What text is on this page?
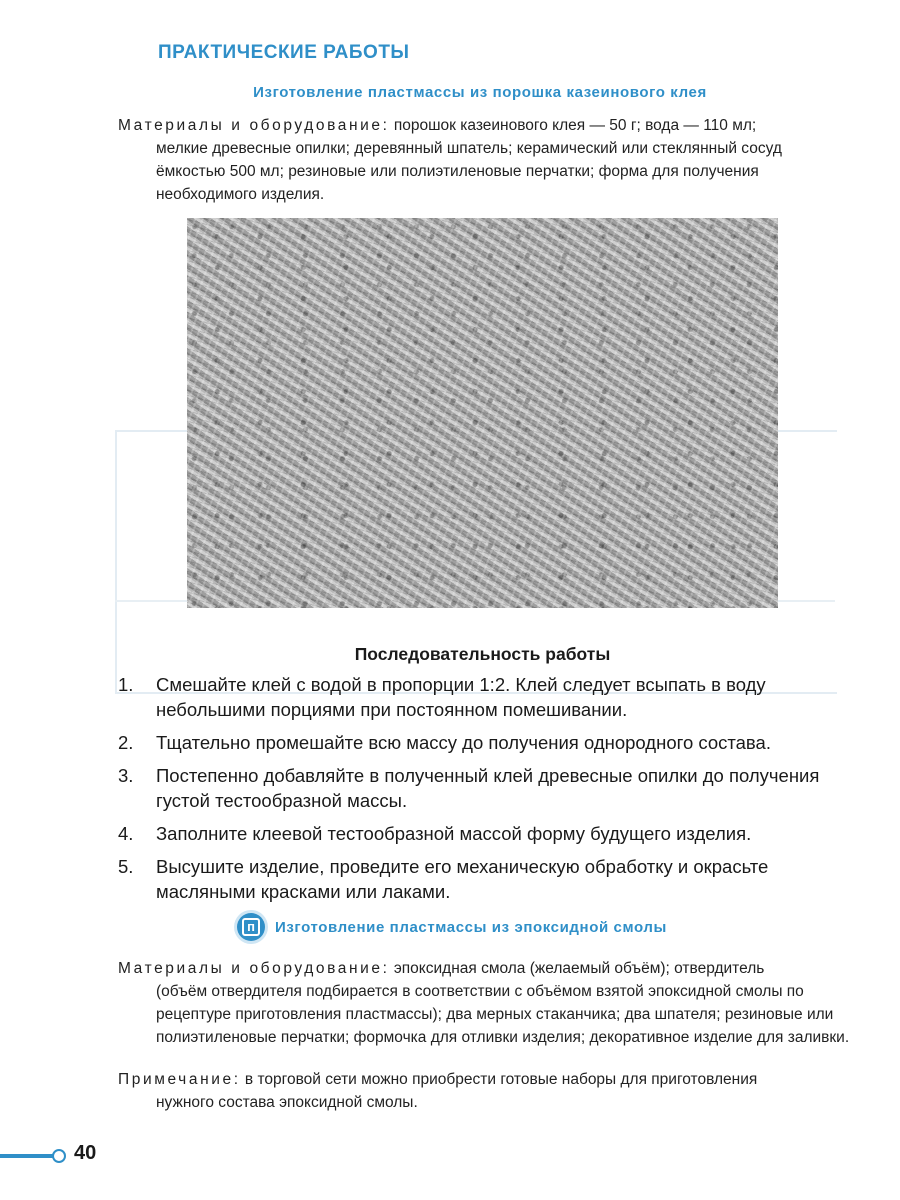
ПРАКТИЧЕСКИЕ РАБОТЫ
Изготовление пластмассы из порошка казеинового клея
Материалы и оборудование: порошок казеинового клея — 50 г; вода — 110 мл;
мелкие древесные опилки; деревянный шпатель; керамический или стеклянный сосуд ёмкостью 500 мл; резиновые или полиэтиленовые перчатки; форма для получения необходимого изделия.
Последовательность работы
1.	Смешайте клей с водой в пропорции 1:2. Клей следует всыпать в воду небольшими порциями при постоянном помешивании.
2.	Тщательно промешайте всю массу до получения однородного состава.
3.	Постепенно добавляйте в полученный клей древесные опилки до получения густой тестообразной массы.
4.	Заполните клеевой тестообразной массой форму будущего изделия.
5.	Высушите изделие, проведите его механическую обработку и окрасьте масляными красками или лаками.
п	Изготовление пластмассы из эпоксидной смолы
Материалы и оборудование: эпоксидная смола (желаемый объём); отвердитель
(объём отвердителя подбирается в соответствии с объёмом взятой эпоксидной смолы по рецептуре приготовления пластмассы); два мерных стаканчика; два шпателя; резиновые или полиэтиленовые перчатки; формочка для отливки изделия; декоративное изделие для заливки.
Примечание: в торговой сети можно приобрести готовые наборы для приготовления
нужного состава эпоксидной смолы.
40
